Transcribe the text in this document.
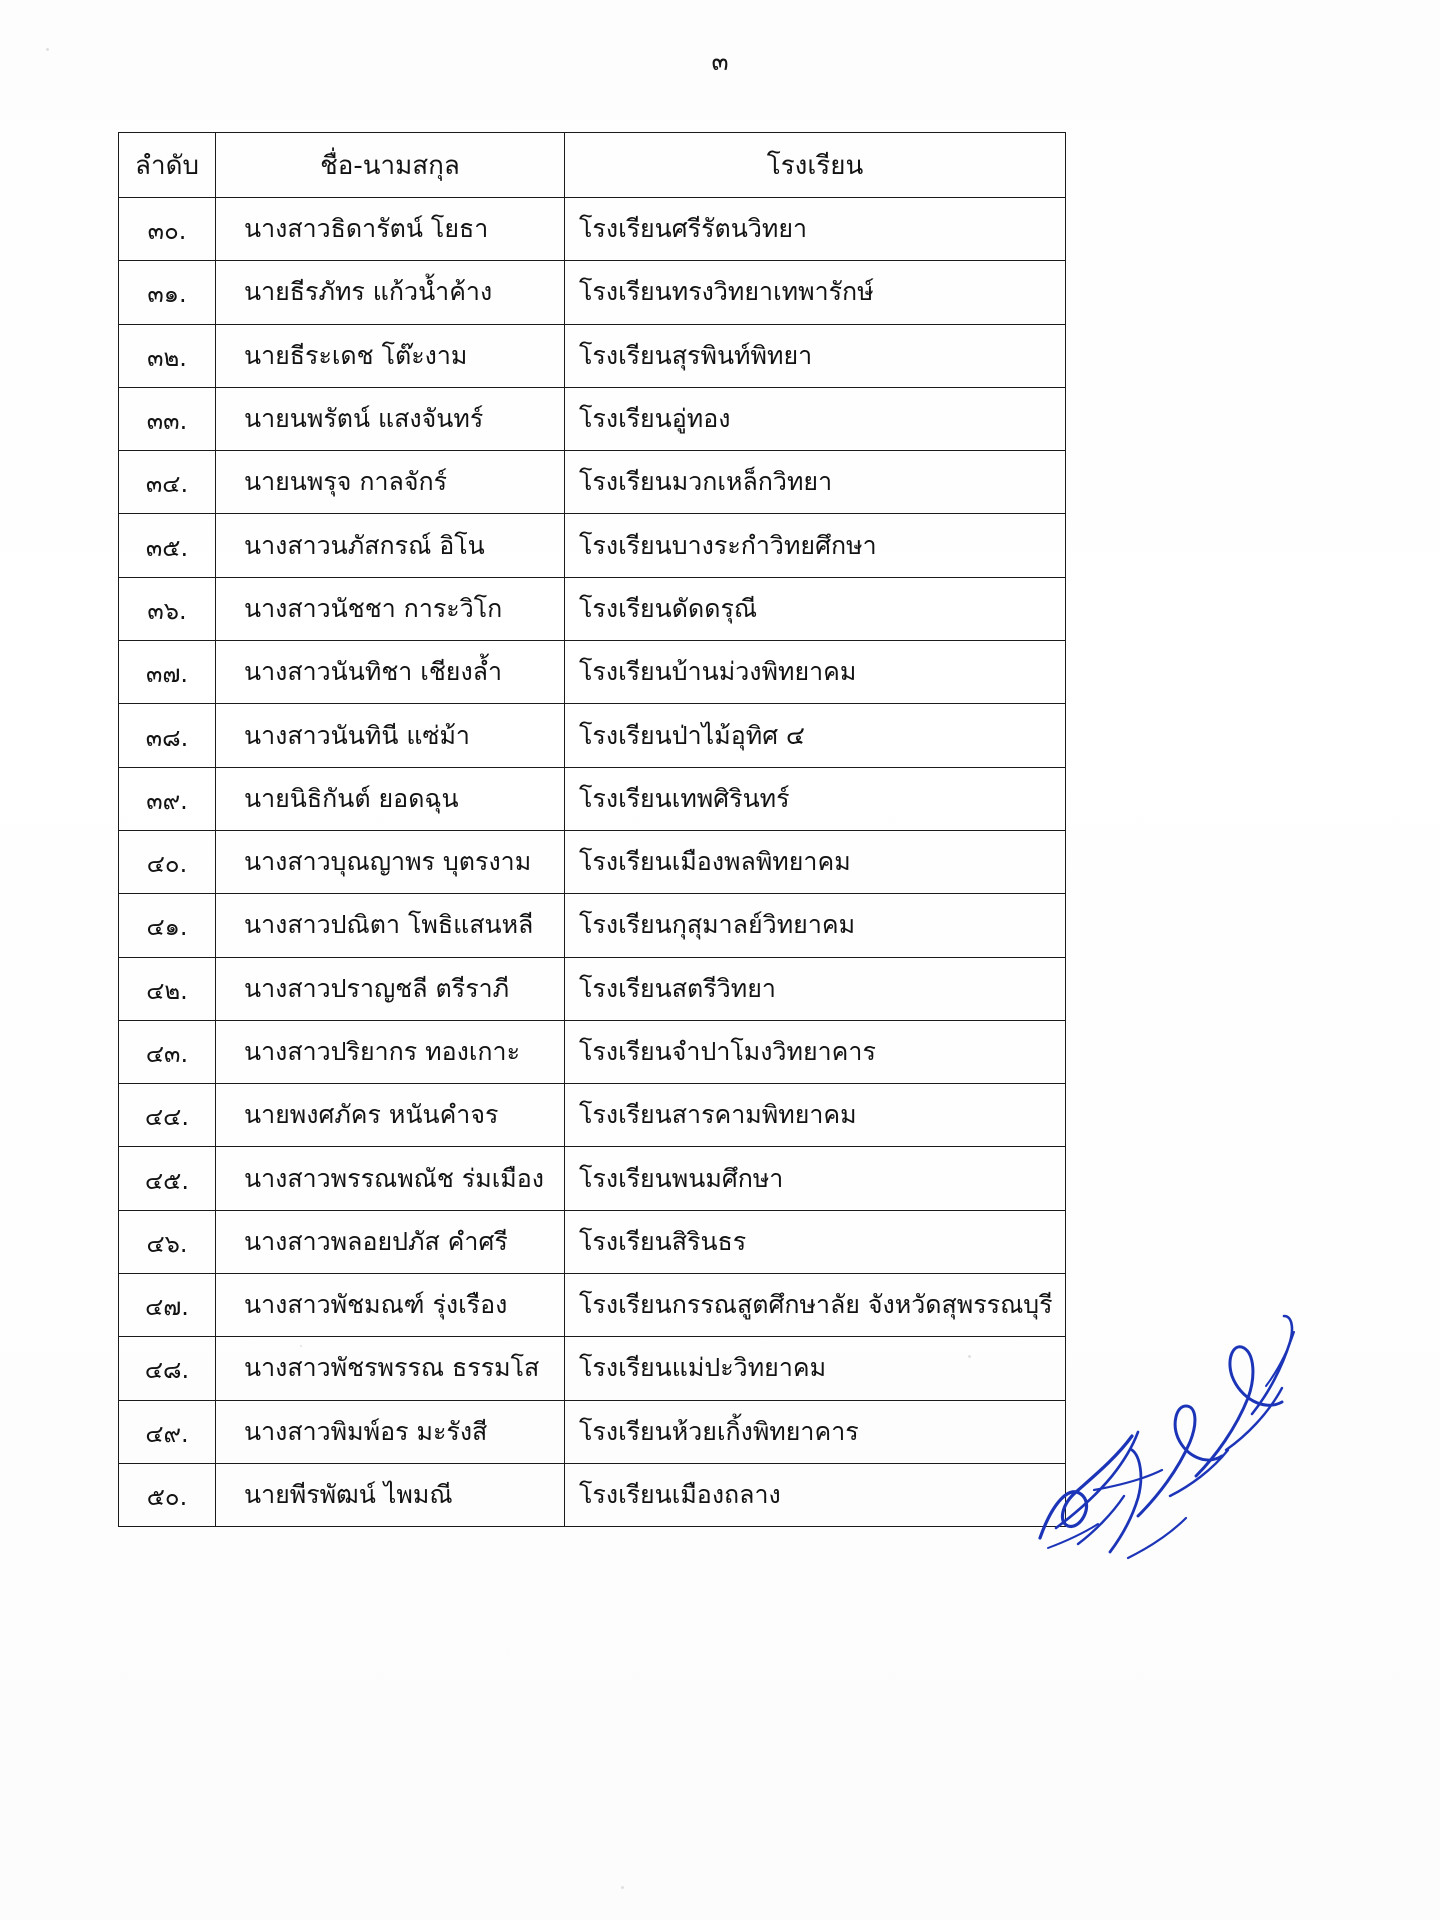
๓
ลำดับ	ชื่อ-นามสกุล	โรงเรียน
๓๐.	นางสาวธิดารัตน์ โยธา	โรงเรียนศรีรัตนวิทยา
๓๑.	นายธีรภัทร แก้วน้ำค้าง	โรงเรียนทรงวิทยาเทพารักษ์
๓๒.	นายธีระเดช โต๊ะงาม	โรงเรียนสุรพินท์พิทยา
๓๓.	นายนพรัตน์ แสงจันทร์	โรงเรียนอู่ทอง
๓๔.	นายนพรุจ กาลจักร์	โรงเรียนมวกเหล็กวิทยา
๓๕.	นางสาวนภัสกรณ์ อิโน	โรงเรียนบางระกำวิทยศึกษา
๓๖.	นางสาวนัชชา การะวิโก	โรงเรียนดัดดรุณี
๓๗.	นางสาวนันทิชา เชียงล้ำ	โรงเรียนบ้านม่วงพิทยาคม
๓๘.	นางสาวนันทินี แซ่ม้า	โรงเรียนป่าไม้อุทิศ ๔
๓๙.	นายนิธิกันต์ ยอดฉุน	โรงเรียนเทพศิรินทร์
๔๐.	นางสาวบุณญาพร บุตรงาม	โรงเรียนเมืองพลพิทยาคม
๔๑.	นางสาวปณิตา โพธิแสนหลี	โรงเรียนกุสุมาลย์วิทยาคม
๔๒.	นางสาวปราญชลี ตรีราภี	โรงเรียนสตรีวิทยา
๔๓.	นางสาวปริยากร ทองเกาะ	โรงเรียนจำปาโมงวิทยาคาร
๔๔.	นายพงศภัคร หนันคำจร	โรงเรียนสารคามพิทยาคม
๔๕.	นางสาวพรรณพณัช ร่มเมือง	โรงเรียนพนมศึกษา
๔๖.	นางสาวพลอยปภัส คำศรี	โรงเรียนสิรินธร
๔๗.	นางสาวพัชมณฑ์ รุ่งเรือง	โรงเรียนกรรณสูตศึกษาลัย จังหวัดสุพรรณบุรี
๔๘.	นางสาวพัชรพรรณ ธรรมโส	โรงเรียนแม่ปะวิทยาคม
๔๙.	นางสาวพิมพ์อร มะรังสี	โรงเรียนห้วยเกิ้งพิทยาคาร
๕๐.	นายพีรพัฒน์ ไพมณี	โรงเรียนเมืองถลาง
